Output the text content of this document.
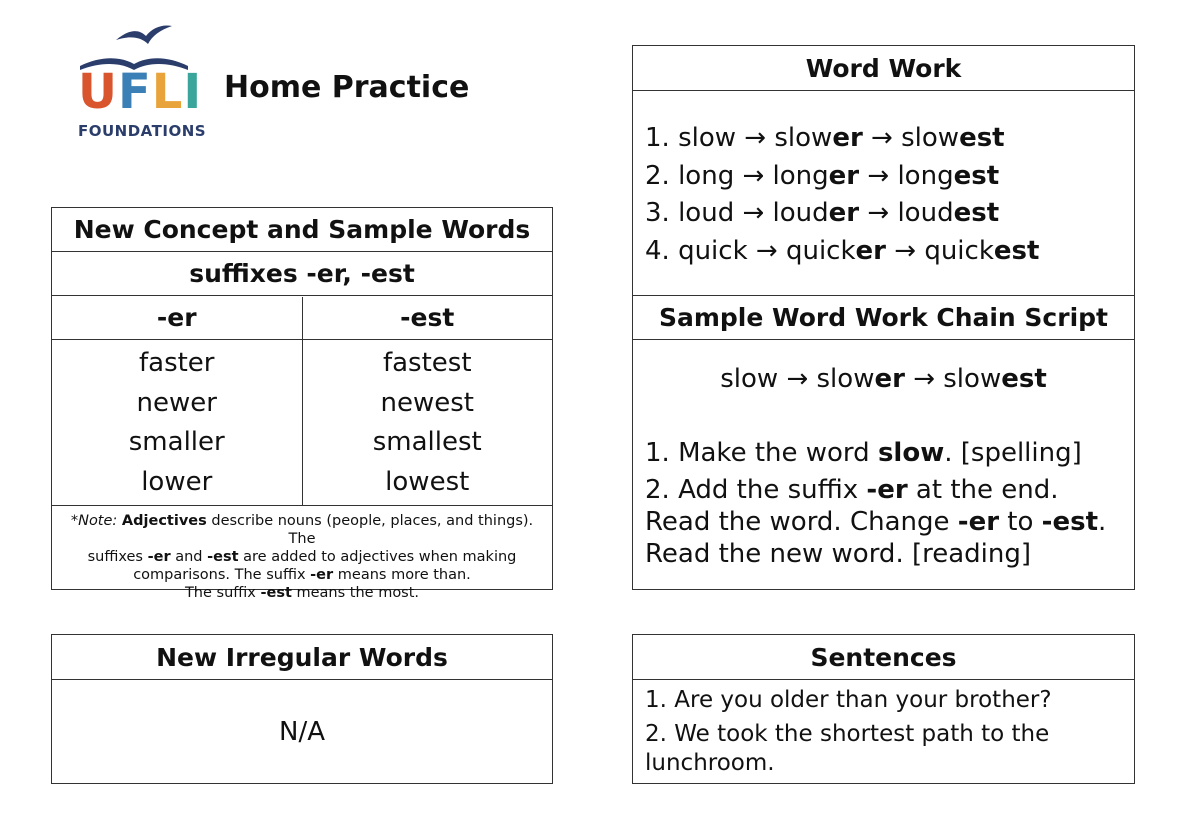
UFLI
FOUNDATIONS
Home Practice
New Concept and Sample Words
suffixes -er, -est
-er	-est
faster
newer
smaller
lower
fastest
newest
smallest
lowest
*Note: Adjectives describe nouns (people, places, and things). The
suffixes -er and -est are added to adjectives when making
comparisons. The suffix -er means more than.
The suffix -est means the most.
New Irregular Words
N/A
Word Work
1. slow → slower → slowest
2. long → longer → longest
3. loud → louder → loudest
4. quick → quicker → quickest
Sample Word Work Chain Script
slow → slower → slowest
1. Make the word slow. [spelling]
2. Add the suffix -er at the end.
Read the word. Change -er to -est.
Read the new word. [reading]
Sentences
1. Are you older than your brother?
2. We took the shortest path to the lunchroom.
